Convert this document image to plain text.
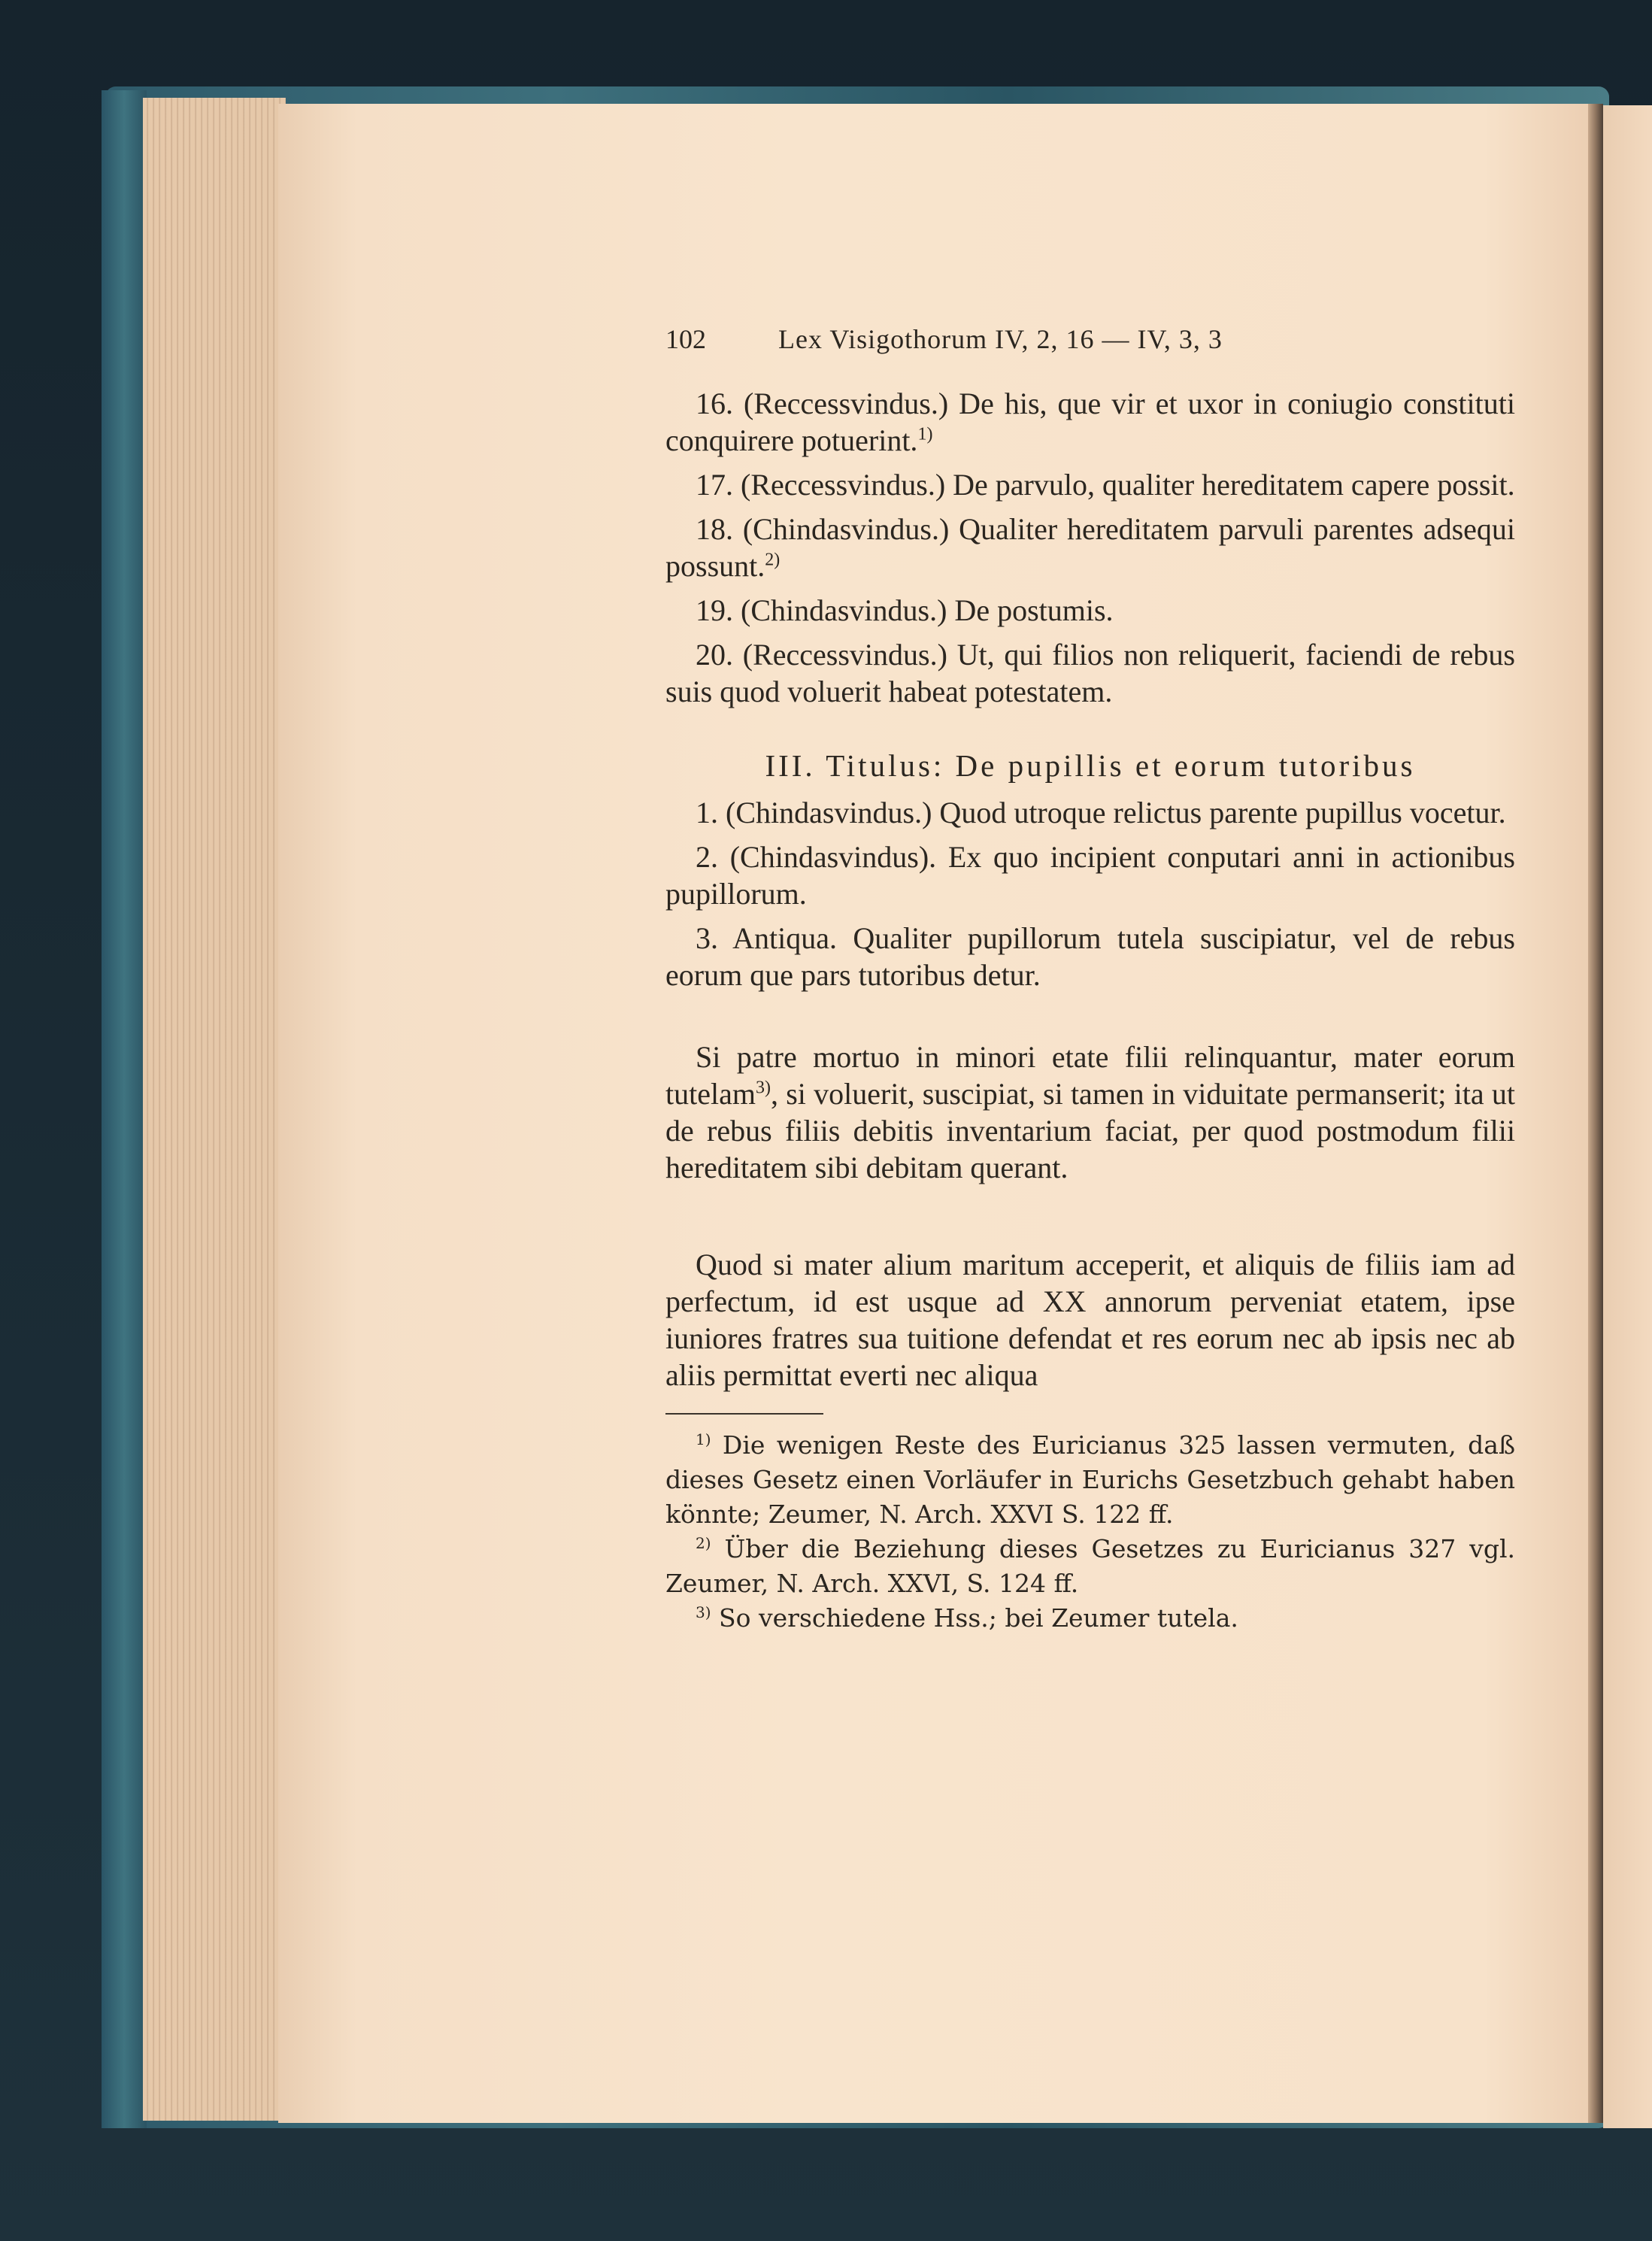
102	Lex Visigothorum IV, 2, 16 — IV, 3, 3

16. (Reccessvindus.) De his, que vir et uxor in coniugio constituti conquirere potuerint.$^{1)}$

17. (Reccessvindus.) De parvulo, qualiter hereditatem capere possit.

18. (Chindasvindus.) Qualiter hereditatem parvuli parentes adsequi possunt.$^{2)}$

19. (Chindasvindus.) De postumis.

20. (Reccessvindus.) Ut, qui filios non reliquerit, faciendi de rebus suis quod voluerit habeat potestatem.

III. Titulus: De pupillis et eorum tutoribus

1. (Chindasvindus.) Quod utroque relictus parente pupillus vocetur.

2. (Chindasvindus). Ex quo incipient conputari anni in actionibus pupillorum.

3. Antiqua. Qualiter pupillorum tutela suscipiatur, vel de rebus eorum que pars tutoribus detur.

Si patre mortuo in minori etate filii relinquantur, mater eorum tutelam$^{3)}$, si voluerit, suscipiat, si tamen in viduitate permanserit; ita ut de rebus filiis debitis inventarium faciat, per quod postmodum filii hereditatem sibi debitam querant.

Quod si mater alium maritum acceperit, et aliquis de filiis iam ad perfectum, id est usque ad XX annorum perveniat etatem, ipse iuniores fratres sua tuitione defendat et res eorum nec ab ipsis nec ab aliis permittat everti nec aliqua

$^{1)}$ Die wenigen Reste des Euricianus 325 lassen vermuten, daß dieses Gesetz einen Vorläufer in Eurichs Gesetzbuch gehabt haben könnte; Zeumer, N. Arch. XXVI S. 122 ff.

$^{2)}$ Über die Beziehung dieses Gesetzes zu Euricianus 327 vgl. Zeumer, N. Arch. XXVI, S. 124 ff.

$^{3)}$ So verschiedene Hss.; bei Zeumer tutela.
